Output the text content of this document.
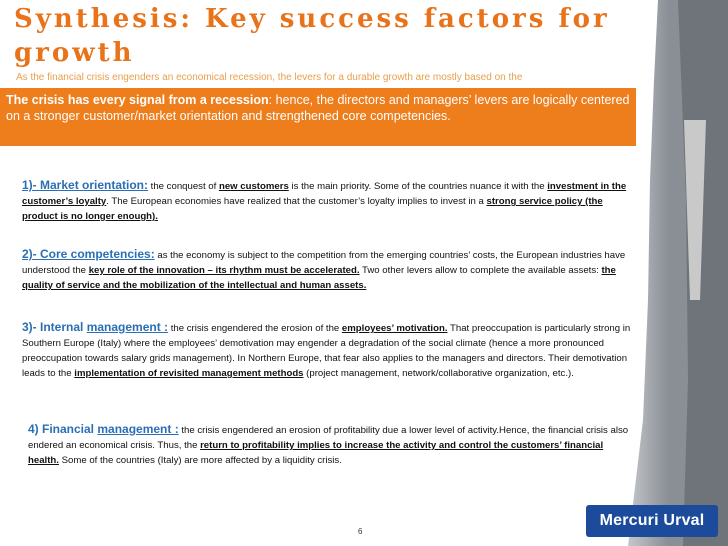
Synthesis: Key success factors for growth

As the financial crisis engenders an economical recession, the levers for a durable growth are mostly based on the

The crisis has every signal from a recession: hence, the directors and managers’ levers are logically centered on a stronger customer/market orientation and strengthened core competencies.
1)- Market orientation: the conquest of new customers is the main priority. Some of the countries nuance it with the investment in the customer’s loyalty. The European economies have realized that the customer’s loyalty implies to invest in a strong service policy (the product is no longer enough).
2)- Core competencies: as the economy is subject to the competition from the emerging countries’ costs, the European industries have understood the key role of the innovation – its rhythm must be accelerated. Two other levers allow to complete the available assets: the quality of service and the mobilization of the intellectual and human assets.
3)- Internal management : the crisis engendered the erosion of the employees’ motivation. That preoccupation is particularly strong in Southern Europe (Italy) where the employees’ demotivation may engender a degradation of the social climate (hence a more pronounced preoccupation towards salary grids management). In Northern Europe, that fear also applies to the managers and directors. Their demotivation leads to the implementation of revisited management methods (project management, network/collaborative organization, etc.).
4) Financial management : the crisis engendered an erosion of profitability due a lower level of activity.Hence, the financial crisis also endered an economical crisis. Thus, the return to profitability implies to increase the activity and control the customers’ financial health. Some of the countries (Italy) are more affected by a liquidity crisis.
6
Mercuri Urval
